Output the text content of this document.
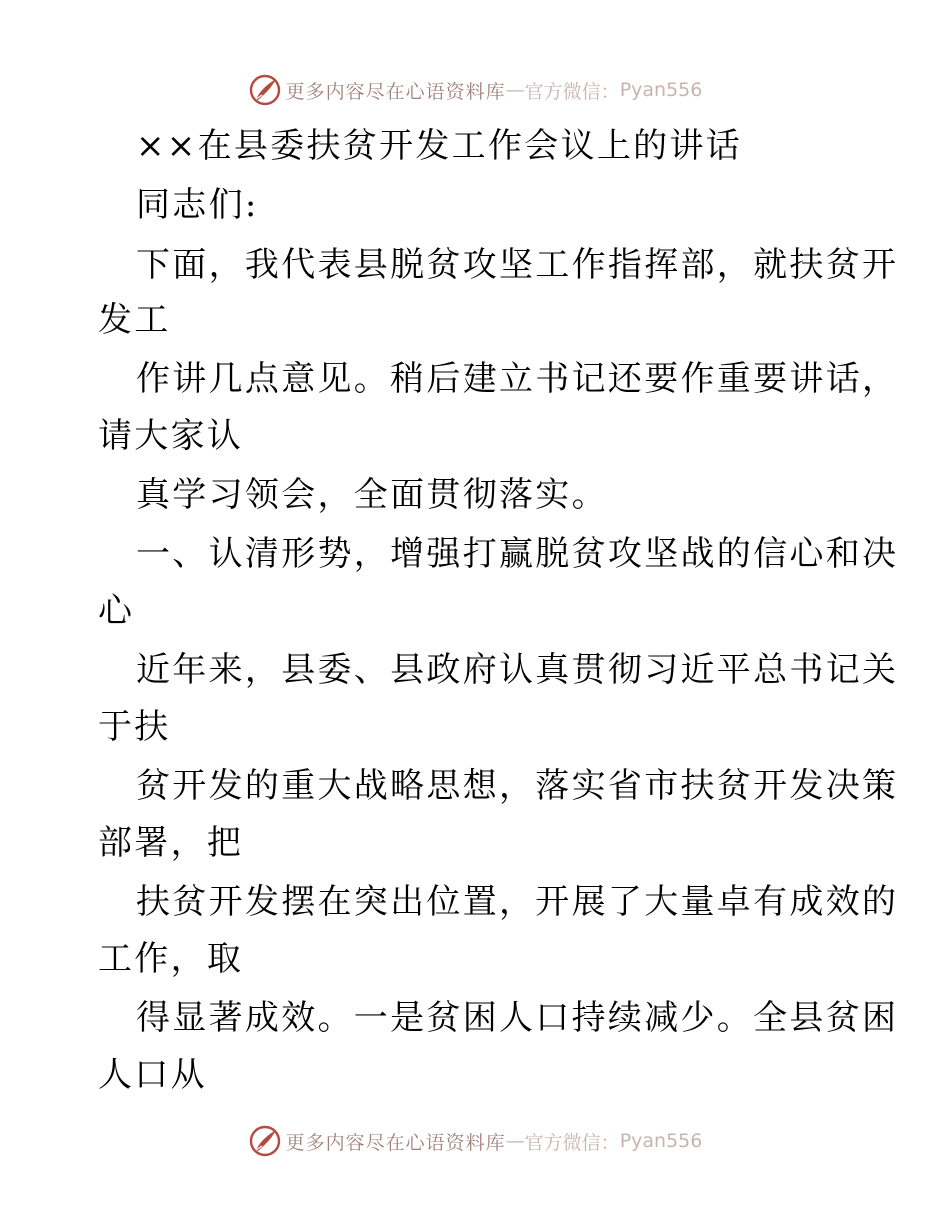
更多内容尽在心语资料库 — 官方微信： Pyan556
××在县委扶贫开发工作会议上的讲话
同志们:
下面，我代表县脱贫攻坚工作指挥部，就扶贫开
发工
作讲几点意见。稍后建立书记还要作重要讲话，
请大家认
真学习领会，全面贯彻落实。
一、认清形势，增强打赢脱贫攻坚战的信心和决
心
近年来，县委、县政府认真贯彻习近平总书记关
于扶
贫开发的重大战略思想，落实省市扶贫开发决策
部署，把
扶贫开发摆在突出位置，开展了大量卓有成效的
工作，取
得显著成效。一是贫困人口持续减少。全县贫困
人口从
更多内容尽在心语资料库 — 官方微信： Pyan556
